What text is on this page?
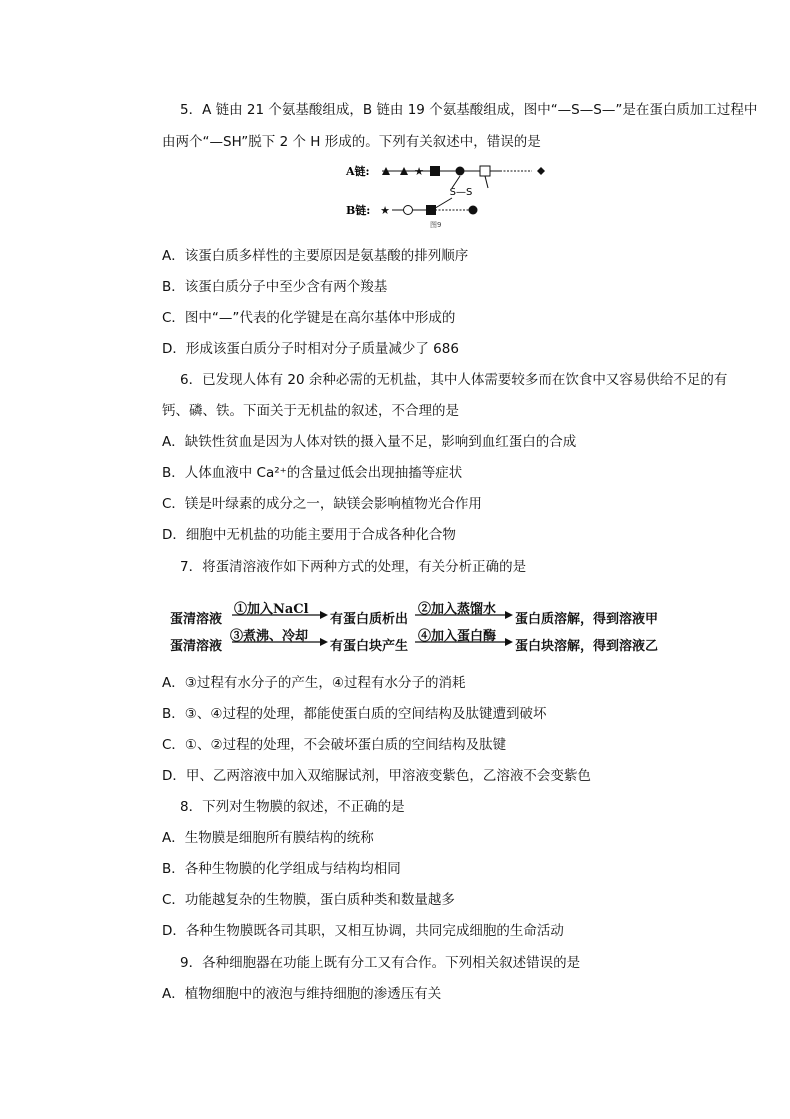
5．A 链由 21 个氨基酸组成，B 链由 19 个氨基酸组成，图中“—S—S—”是在蛋白质加工过程中
由两个“—SH”脱下 2 个 H 形成的。下列有关叙述中，错误的是
A链:	★
S—S
B链: ★
图9
A．该蛋白质多样性的主要原因是氨基酸的排列顺序
B．该蛋白质分子中至少含有两个羧基
C．图中“—”代表的化学键是在高尔基体中形成的
D．形成该蛋白质分子时相对分子质量减少了 686
6．已发现人体有 20 余种必需的无机盐，其中人体需要较多而在饮食中又容易供给不足的有
钙、磷、铁。下面关于无机盐的叙述，不合理的是
A．缺铁性贫血是因为人体对铁的摄入量不足，影响到血红蛋白的合成
B．人体血液中 Ca²⁺的含量过低会出现抽搐等症状
C．镁是叶绿素的成分之一，缺镁会影响植物光合作用
D．细胞中无机盐的功能主要用于合成各种化合物
7．将蛋清溶液作如下两种方式的处理，有关分析正确的是
蛋清溶液
①加入NaCl
有蛋白质析出
②加入蒸馏水
蛋白质溶解，得到溶液甲
蛋清溶液
③煮沸、冷却
有蛋白块产生
④加入蛋白酶
蛋白块溶解，得到溶液乙
A．③过程有水分子的产生，④过程有水分子的消耗
B．③、④过程的处理，都能使蛋白质的空间结构及肽键遭到破坏
C．①、②过程的处理，不会破坏蛋白质的空间结构及肽键
D．甲、乙两溶液中加入双缩脲试剂，甲溶液变紫色，乙溶液不会变紫色
8．下列对生物膜的叙述，不正确的是
A．生物膜是细胞所有膜结构的统称
B．各种生物膜的化学组成与结构均相同
C．功能越复杂的生物膜，蛋白质种类和数量越多
D．各种生物膜既各司其职，又相互协调，共同完成细胞的生命活动
9．各种细胞器在功能上既有分工又有合作。下列相关叙述错误的是
A．植物细胞中的液泡与维持细胞的渗透压有关
